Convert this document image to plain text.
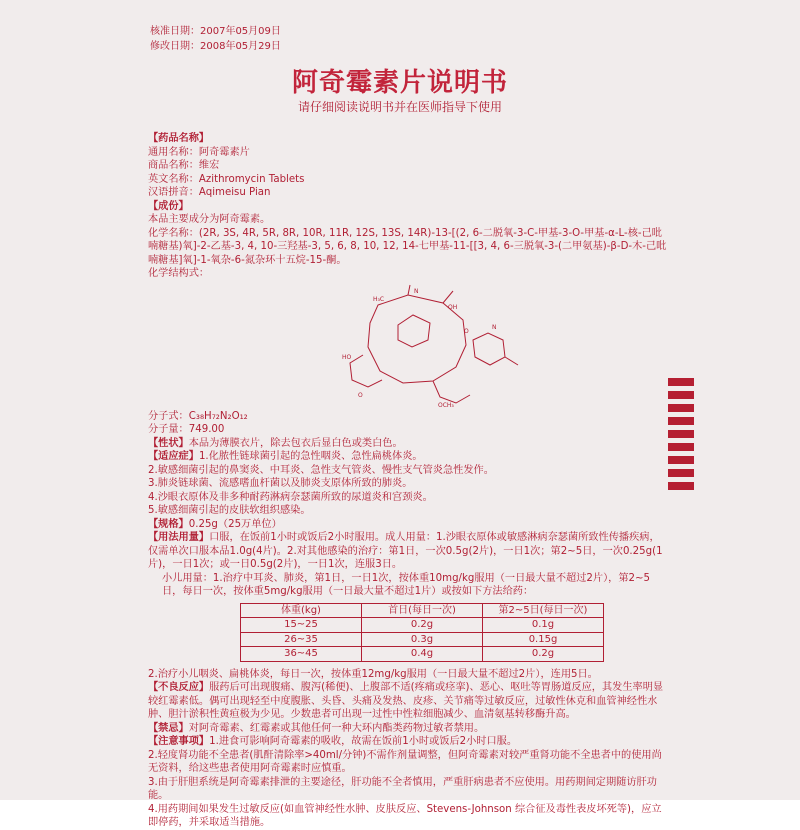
核准日期：2007年05月09日
修改日期：2008年05月29日
阿奇霉素片说明书
请仔细阅读说明书并在医师指导下使用
【药品名称】
通用名称：阿奇霉素片
商品名称：维宏
英文名称：Azithromycin Tablets
汉语拼音：Aqimeisu Pian
【成份】
本品主要成分为阿奇霉素。
化学名称：(2R, 3S, 4R, 5R, 8R, 10R, 11R, 12S, 13S, 14R)-13-[(2, 6-二脱氧-3-C-甲基-3-O-甲基-α-L-核-己吡喃糖基)氧]-2-乙基-3, 4, 10-三羟基-3, 5, 6, 8, 10, 12, 14-七甲基-11-[[3, 4, 6-三脱氧-3-(二甲氨基)-β-D-木-己吡喃糖基]氧]-1-氧杂-6-氮杂环十五烷-15-酮。
化学结构式：
H₃C
N
OH
HO
O
N
OCH₃
O
分子式：C₃₈H₇₂N₂O₁₂
分子量：749.00
【性状】本品为薄膜衣片，除去包衣后显白色或类白色。
【适应症】1.化脓性链球菌引起的急性咽炎、急性扁桃体炎。
2.敏感细菌引起的鼻窦炎、中耳炎、急性支气管炎、慢性支气管炎急性发作。
3.肺炎链球菌、流感嗜血杆菌以及肺炎支原体所致的肺炎。
4.沙眼衣原体及非多种耐药淋病奈瑟菌所致的尿道炎和宫颈炎。
5.敏感细菌引起的皮肤软组织感染。
【规格】0.25g（25万单位）
【用法用量】口服，在饭前1小时或饭后2小时服用。成人用量：1.沙眼衣原体或敏感淋病奈瑟菌所致性传播疾病，仅需单次口服本品1.0g(4片)。2.对其他感染的治疗：第1日，一次0.5g(2片)，一日1次；第2~5日，一次0.25g(1片)，一日1次；或一日0.5g(2片)，一日1次，连服3日。
小儿用量：1.治疗中耳炎、肺炎，第1日，一日1次，按体重10mg/kg服用（一日最大量不超过2片），第2~5日，每日一次，按体重5mg/kg服用（一日最大量不超过1片）或按如下方法给药：
体重(kg)	首日(每日一次)	第2~5日(每日一次)
15~25	0.2g	0.1g
26~35	0.3g	0.15g
36~45	0.4g	0.2g
2.治疗小儿咽炎、扁桃体炎，每日一次，按体重12mg/kg服用（一日最大量不超过2片），连用5日。
【不良反应】服药后可出现腹痛、腹泻(稀便)、上腹部不适(疼痛或痉挛)、恶心、呕吐等胃肠道反应，其发生率明显较红霉素低。偶可出现轻至中度腹胀、头昏、头痛及发热、皮疹、关节痛等过敏反应，过敏性休克和血管神经性水肿、胆汁淤积性黄疸极为少见。少数患者可出现一过性中性粒细胞减少、血清氨基转移酶升高。
【禁忌】对阿奇霉素、红霉素或其他任何一种大环内酯类药物过敏者禁用。
【注意事项】1.进食可影响阿奇霉素的吸收，故需在饭前1小时或饭后2小时口服。
2.轻度肾功能不全患者(肌酐清除率>40ml/分钟)不需作剂量调整，但阿奇霉素对较严重肾功能不全患者中的使用尚无资料，给这些患者使用阿奇霉素时应慎重。
3.由于肝胆系统是阿奇霉素排泄的主要途径，肝功能不全者慎用，严重肝病患者不应使用。用药期间定期随访肝功能。
4.用药期间如果发生过敏反应(如血管神经性水肿、皮肤反应、Stevens-Johnson 综合征及毒性表皮坏死等)，应立即停药，并采取适当措施。
